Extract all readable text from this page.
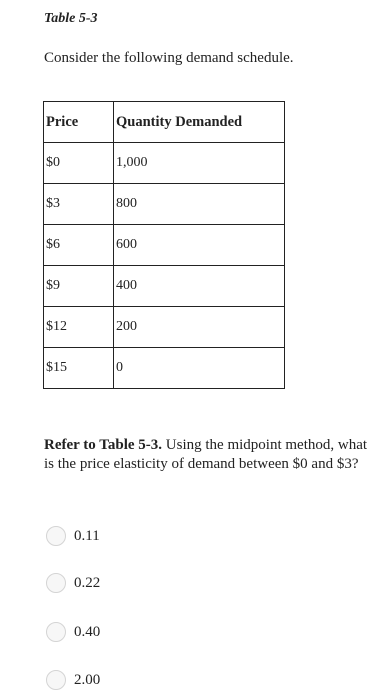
Table 5-3
Consider the following demand schedule.
Price	Quantity Demanded
$0	1,000
$3	800
$6	600
$9	400
$12	200
$15	0
Refer to Table 5-3. Using the midpoint method, what is the price elasticity of demand between $0 and $3?
0.11
0.22
0.40
2.00
